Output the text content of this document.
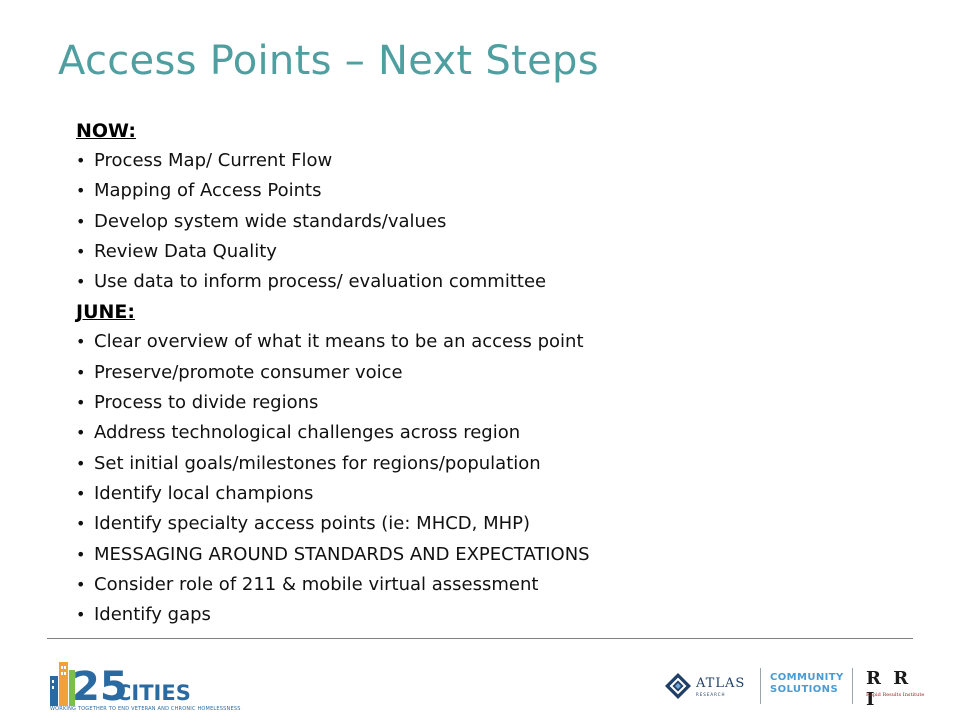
Access Points – Next Steps
NOW:
• Process Map/ Current Flow
• Mapping of Access Points
• Develop system wide standards/values
• Review Data Quality
• Use data to inform process/ evaluation committee
JUNE:
• Clear overview of what it means to be an access point
• Preserve/promote consumer voice
• Process to divide regions
• Address technological challenges across region
• Set initial goals/milestones for regions/population
• Identify local champions
• Identify specialty access points (ie: MHCD, MHP)
• MESSAGING AROUND STANDARDS AND EXPECTATIONS
• Consider role of 211 & mobile virtual assessment
• Identify gaps
25
CITIES
WORKING TOGETHER TO END VETERAN AND CHRONIC HOMELESSNESS
ATLAS
RESEARCH
COMMUNITY
SOLUTIONS
R R I
Rapid Results Institute
